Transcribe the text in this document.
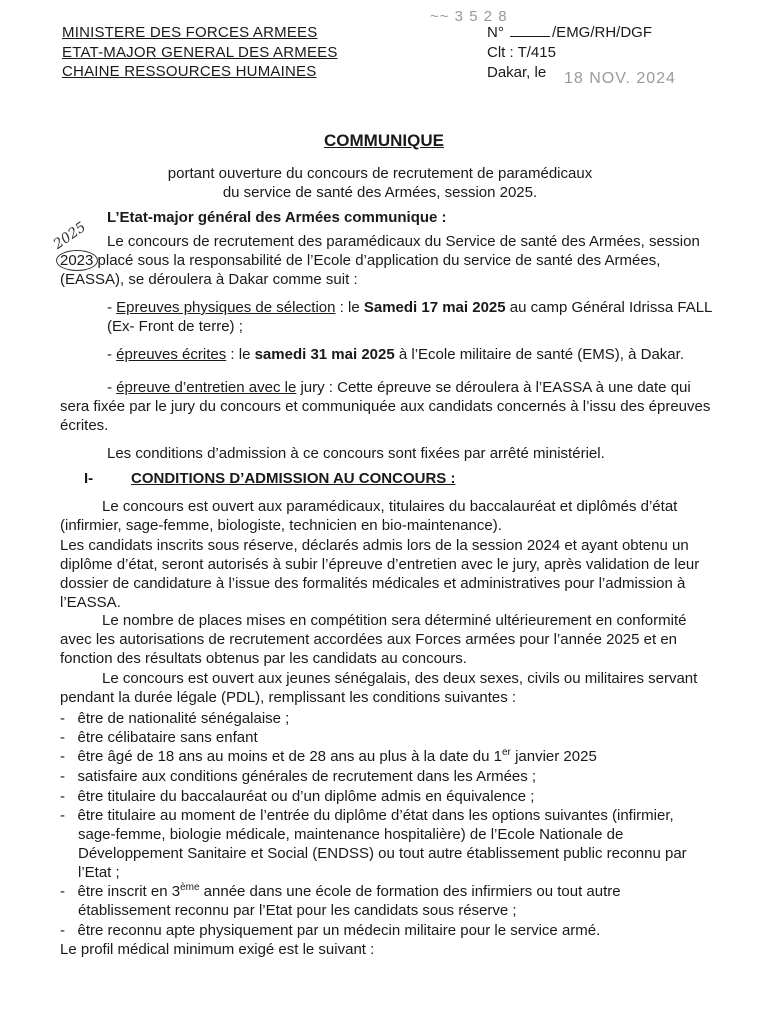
MINISTERE DES FORCES ARMEES
ETAT-MAJOR GENERAL DES ARMEES
CHAINE RESSOURCES HUMAINES
~~ 3 5 2 8
N°	/EMG/RH/DGF
Clt : T/415
Dakar, le 18 NOV. 2024
COMMUNIQUE
portant ouverture du concours de recrutement de paramédicaux
du service de santé des Armées, session 2025.
L’Etat-major général des Armées communique :
2025 Le concours de recrutement des paramédicaux du Service de santé des Armées, session
2023 placé sous la responsabilité de l’Ecole d’application du service de santé des Armées,
(EASSA), se déroulera à Dakar comme suit :
- Epreuves physiques de sélection : le Samedi 17 mai 2025 au camp Général Idrissa FALL
(Ex- Front de terre) ;
- épreuves écrites : le samedi 31 mai 2025 à l’Ecole militaire de santé (EMS), à Dakar.
- épreuve d’entretien avec le jury : Cette épreuve se déroulera à l’EASSA à une date qui
sera fixée par le jury du concours et communiquée aux candidats concernés à l’issu des épreuves
écrites.
Les conditions d’admission à ce concours sont fixées par arrêté ministériel.
I-	CONDITIONS D’ADMISSION AU CONCOURS :
Le concours est ouvert aux paramédicaux, titulaires du baccalauréat et diplômés d’état
(infirmier, sage-femme, biologiste, technicien en bio-maintenance).
Les candidats inscrits sous réserve, déclarés admis lors de la session 2024 et ayant obtenu un
diplôme d’état, seront autorisés à subir l’épreuve d’entretien avec le jury, après validation de leur
dossier de candidature à l’issue des formalités médicales et administratives pour l’admission à
l’EASSA.
Le nombre de places mises en compétition sera déterminé ultérieurement en conformité
avec les autorisations de recrutement accordées aux Forces armées pour l’année 2025 et en
fonction des résultats obtenus par les candidats au concours.
Le concours est ouvert aux jeunes sénégalais, des deux sexes, civils ou militaires servant
pendant la durée légale (PDL), remplissant les conditions suivantes :
- être de nationalité sénégalaise ;
- être célibataire sans enfant
- être âgé de 18 ans au moins et de 28 ans au plus à la date du 1er janvier 2025
- satisfaire aux conditions générales de recrutement dans les Armées ;
- être titulaire du baccalauréat ou d’un diplôme admis en équivalence ;
- être titulaire au moment de l’entrée du diplôme d’état dans les options suivantes (infirmier,
sage-femme, biologie médicale, maintenance hospitalière) de l’Ecole Nationale de
Développement Sanitaire et Social (ENDSS) ou tout autre établissement public reconnu par
l’Etat ;
- être inscrit en 3ème année dans une école de formation des infirmiers ou tout autre
établissement reconnu par l’Etat pour les candidats sous réserve ;
- être reconnu apte physiquement par un médecin militaire pour le service armé.
Le profil médical minimum exigé est le suivant :
